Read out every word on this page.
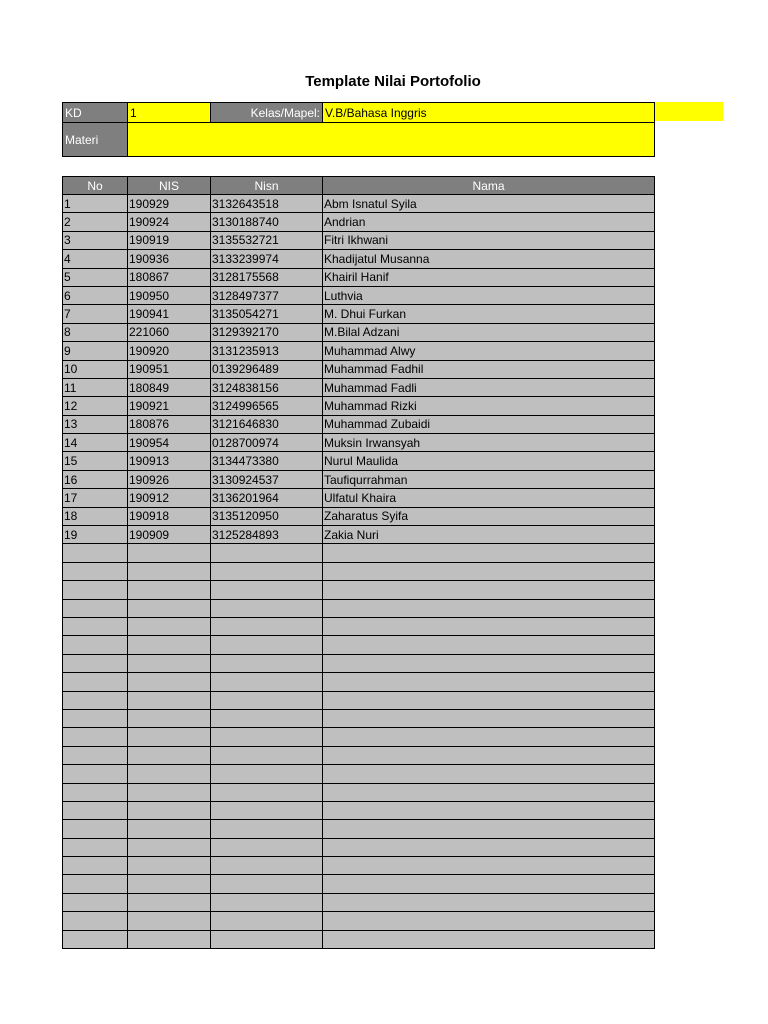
Template Nilai Portofolio
KD	1	Kelas/Mapel:	V.B/Bahasa Inggris
Materi			
No	NIS	Nisn	Nama
1	190929	3132643518	Abm Isnatul Syila
2	190924	3130188740	Andrian
3	190919	3135532721	Fitri Ikhwani
4	190936	3133239974	Khadijatul Musanna
5	180867	3128175568	Khairil Hanif
6	190950	3128497377	Luthvia
7	190941	3135054271	M. Dhui Furkan
8	221060	3129392170	M.Bilal Adzani
9	190920	3131235913	Muhammad Alwy
10	190951	0139296489	Muhammad Fadhil
11	180849	3124838156	Muhammad Fadli
12	190921	3124996565	Muhammad Rizki
13	180876	3121646830	Muhammad Zubaidi
14	190954	0128700974	Muksin Irwansyah
15	190913	3134473380	Nurul Maulida
16	190926	3130924537	Taufiqurrahman
17	190912	3136201964	Ulfatul Khaira
18	190918	3135120950	Zaharatus Syifa
19	190909	3125284893	Zakia Nuri
